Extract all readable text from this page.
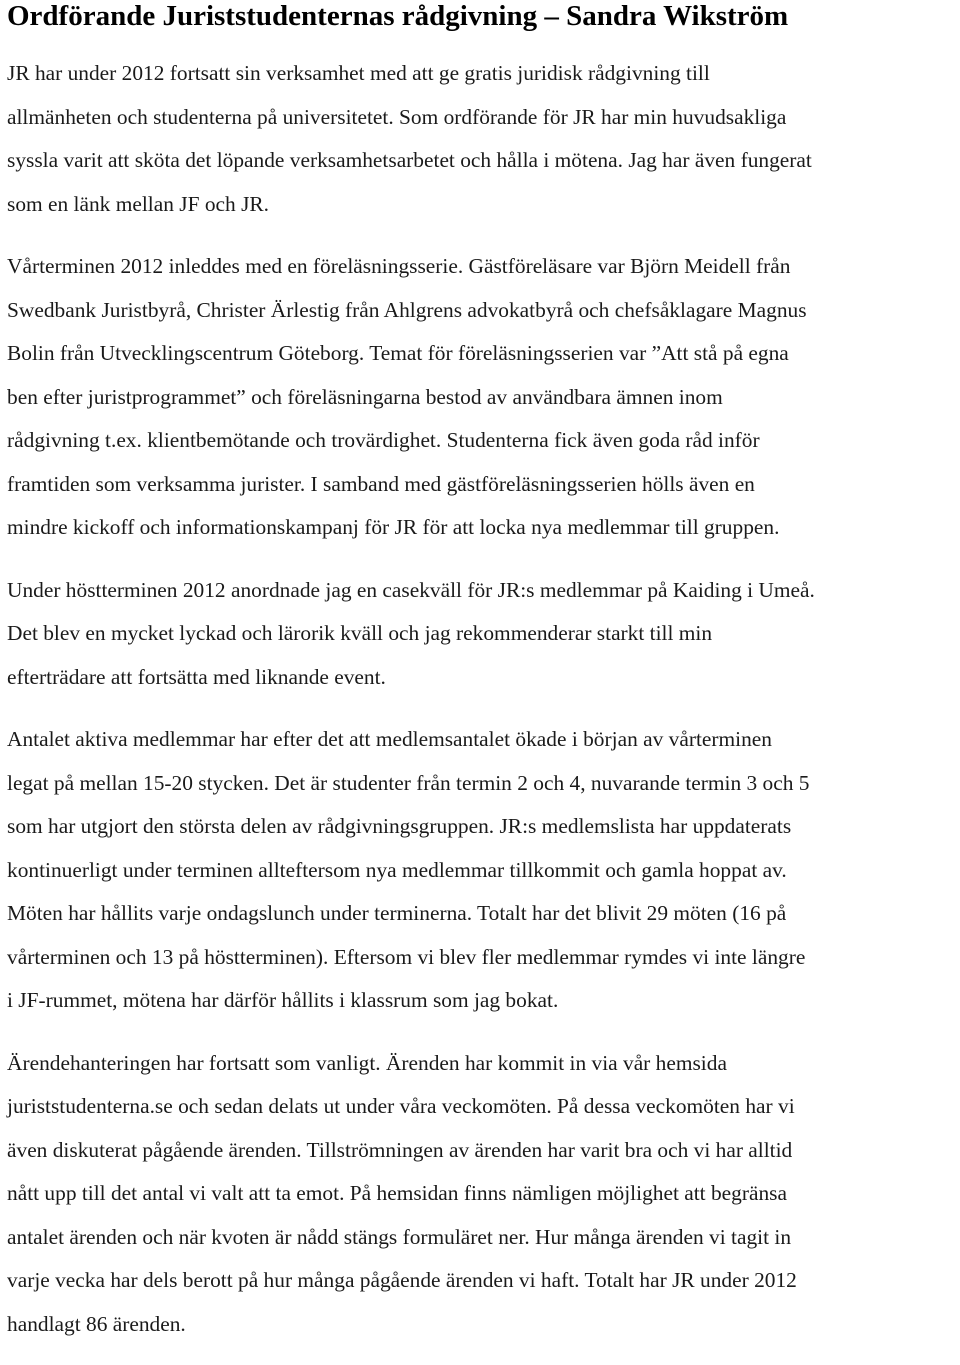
Ordförande Juriststudenternas rådgivning – Sandra Wikström

JR har under 2012 fortsatt sin verksamhet med att ge gratis juridisk rådgivning till
allmänheten och studenterna på universitetet. Som ordförande för JR har min huvudsakliga
syssla varit att sköta det löpande verksamhetsarbetet och hålla i mötena. Jag har även fungerat
som en länk mellan JF och JR.

Vårterminen 2012 inleddes med en föreläsningsserie. Gästföreläsare var Björn Meidell från
Swedbank Juristbyrå, Christer Ärlestig från Ahlgrens advokatbyrå och chefsåklagare Magnus
Bolin från Utvecklingscentrum Göteborg. Temat för föreläsningsserien var ”Att stå på egna
ben efter juristprogrammet” och föreläsningarna bestod av användbara ämnen inom
rådgivning t.ex. klientbemötande och trovärdighet. Studenterna fick även goda råd inför
framtiden som verksamma jurister. I samband med gästföreläsningsserien hölls även en
mindre kickoff och informationskampanj för JR för att locka nya medlemmar till gruppen.

Under höstterminen 2012 anordnade jag en casekväll för JR:s medlemmar på Kaiding i Umeå.
Det blev en mycket lyckad och lärorik kväll och jag rekommenderar starkt till min
efterträdare att fortsätta med liknande event.

Antalet aktiva medlemmar har efter det att medlemsantalet ökade i början av vårterminen
legat på mellan 15-20 stycken. Det är studenter från termin 2 och 4, nuvarande termin 3 och 5
som har utgjort den största delen av rådgivningsgruppen. JR:s medlemslista har uppdaterats
kontinuerligt under terminen allteftersom nya medlemmar tillkommit och gamla hoppat av.
Möten har hållits varje ondagslunch under terminerna. Totalt har det blivit 29 möten (16 på
vårterminen och 13 på höstterminen). Eftersom vi blev fler medlemmar rymdes vi inte längre
i JF-rummet, mötena har därför hållits i klassrum som jag bokat.

Ärendehanteringen har fortsatt som vanligt. Ärenden har kommit in via vår hemsida
juriststudenterna.se och sedan delats ut under våra veckomöten. På dessa veckomöten har vi
även diskuterat pågående ärenden. Tillströmningen av ärenden har varit bra och vi har alltid
nått upp till det antal vi valt att ta emot. På hemsidan finns nämligen möjlighet att begränsa
antalet ärenden och när kvoten är nådd stängs formuläret ner. Hur många ärenden vi tagit in
varje vecka har dels berott på hur många pågående ärenden vi haft. Totalt har JR under 2012
handlagt 86 ärenden.
